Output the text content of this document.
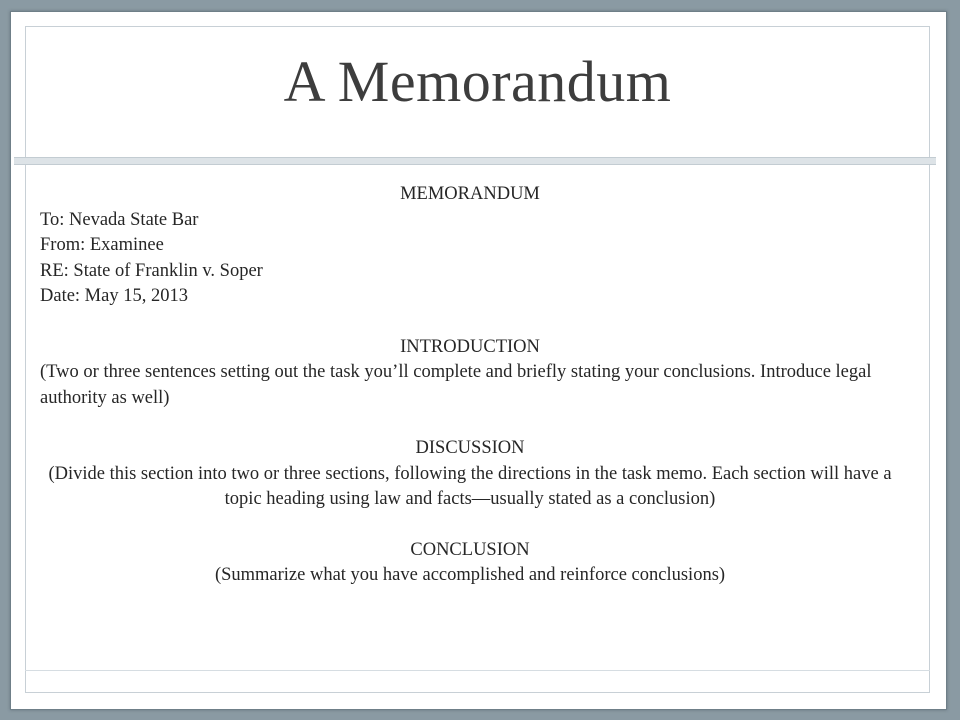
A Memorandum
MEMORANDUM
To: Nevada State Bar
From: Examinee
RE: State of Franklin v. Soper
Date: May 15, 2013
INTRODUCTION
(Two or three sentences setting out the task you’ll complete and briefly stating your conclusions. Introduce legal authority as well)
DISCUSSION
(Divide this section into two or three sections, following the directions in the task memo. Each section will have a topic heading using law and facts—usually stated as a conclusion)
CONCLUSION
(Summarize what you have accomplished and reinforce conclusions)
